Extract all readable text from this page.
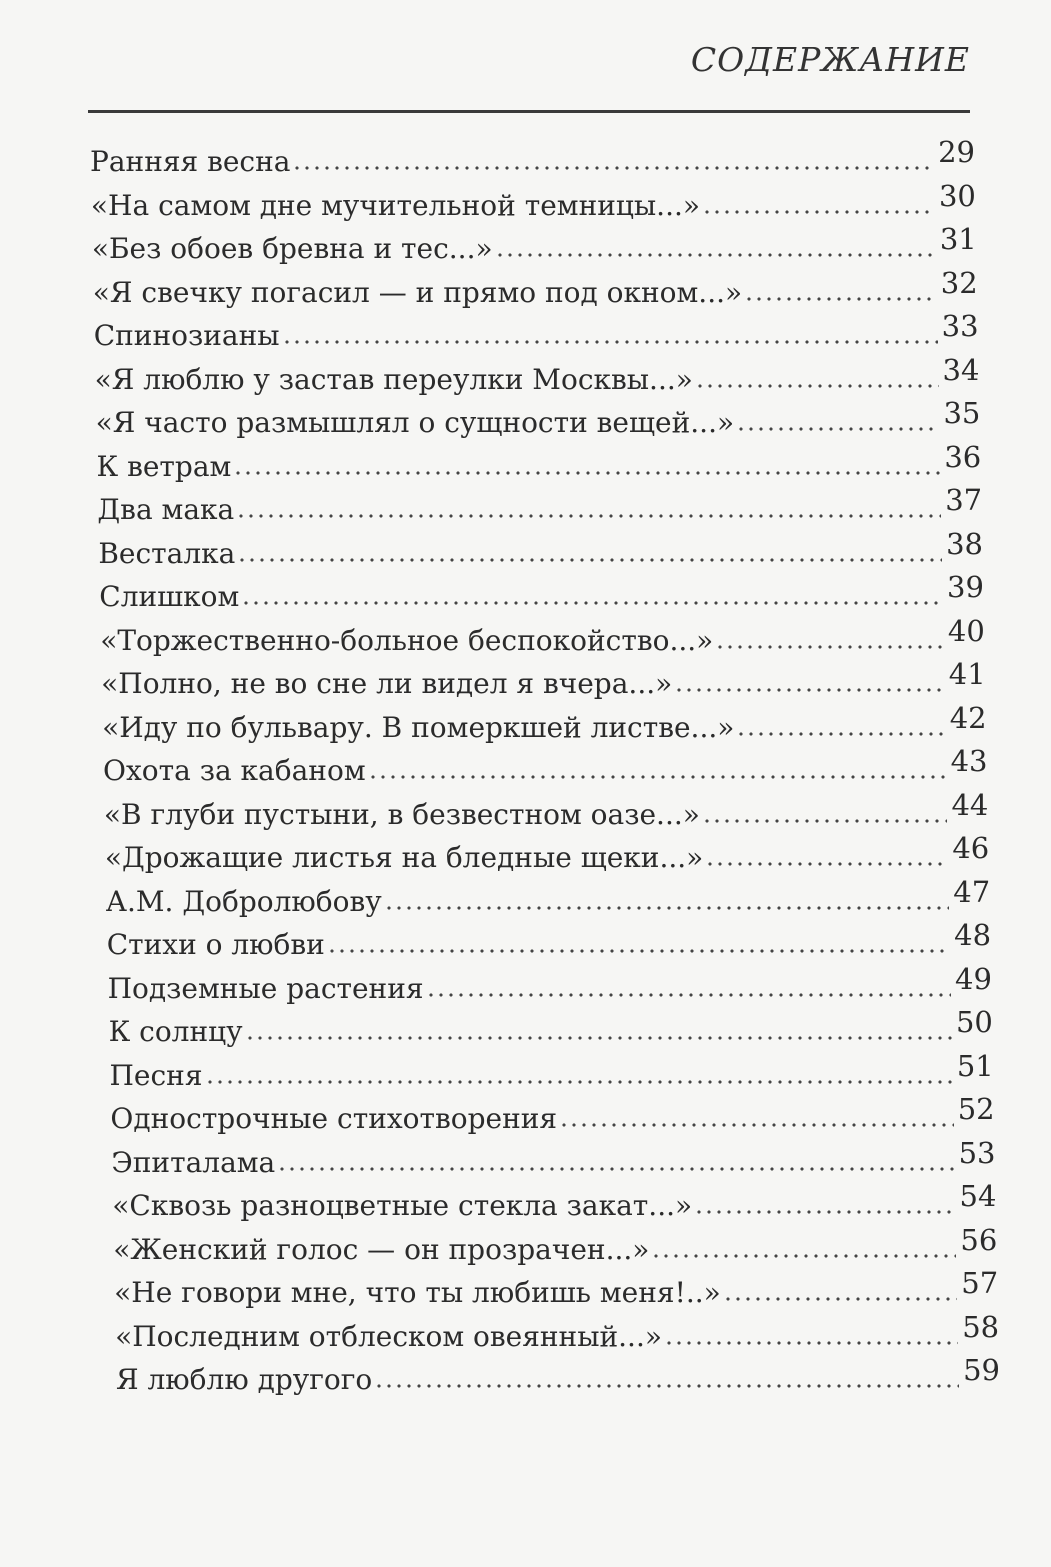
СОДЕРЖАНИЕ
Ранняя весна	29
«На самом дне мучительной темницы...»	30
«Без обоев бревна и тес...»	31
«Я свечку погасил — и прямо под окном...»	32
Спинозианы	33
«Я люблю у застав переулки Москвы...»	34
«Я часто размышлял о сущности вещей...»	35
К ветрам	36
Два мака	37
Весталка	38
Слишком	39
«Торжественно-больное беспокойство...»	40
«Полно, не во сне ли видел я вчера...»	41
«Иду по бульвару. В померкшей листве...»	42
Охота за кабаном	43
«В глуби пустыни, в безвестном оазе...»	44
«Дрожащие листья на бледные щеки...»	46
А.М. Добролюбову	47
Стихи о любви	48
Подземные растения	49
К солнцу	50
Песня	51
Однострочные стихотворения	52
Эпиталама	53
«Сквозь разноцветные стекла закат...»	54
«Женский голос — он прозрачен...»	56
«Не говори мне, что ты любишь меня!..»	57
«Последним отблеском овеянный...»	58
Я люблю другого	59
